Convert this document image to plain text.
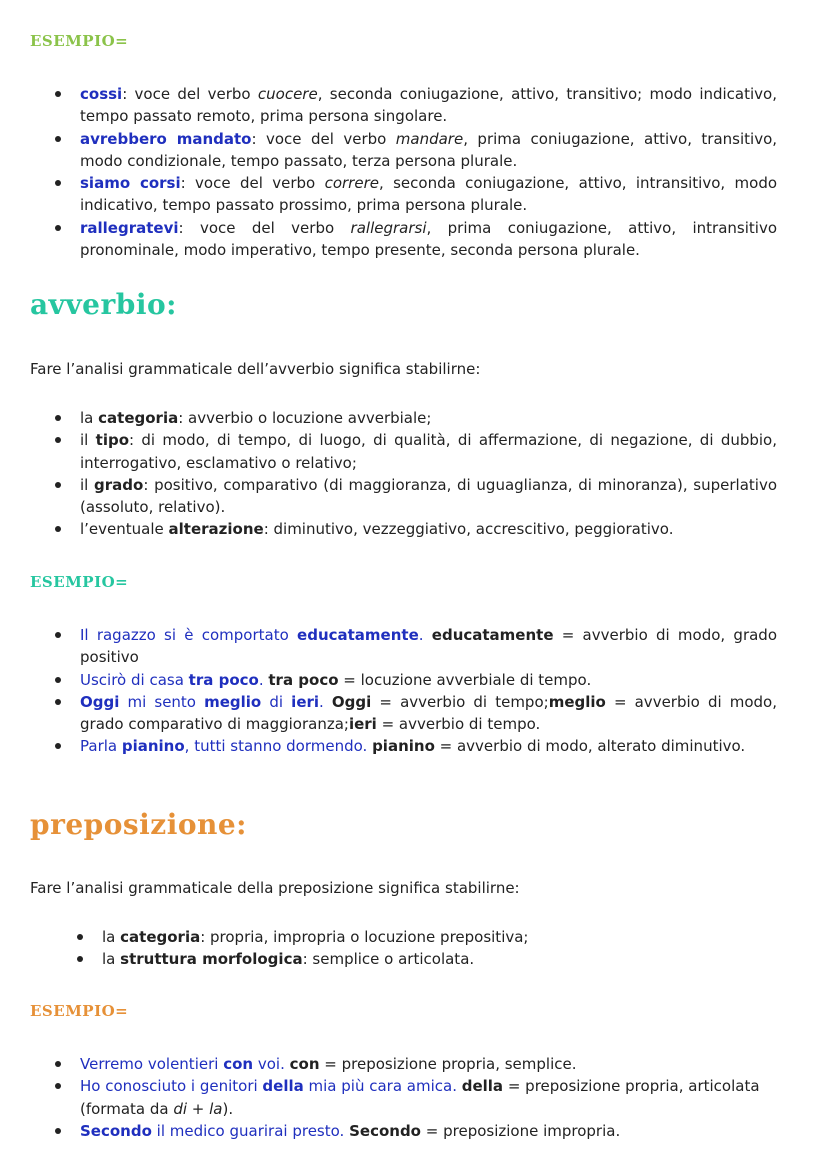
ESEMPIO=
cossi: voce del verbo cuocere, seconda coniugazione, attivo, transitivo; modo indicativo, tempo passato remoto, prima persona singolare.
avrebbero mandato: voce del verbo mandare, prima coniugazione, attivo, transitivo, modo condizionale, tempo passato, terza persona plurale.
siamo corsi: voce del verbo correre, seconda coniugazione, attivo, intransitivo, modo indicativo, tempo passato prossimo, prima persona plurale.
rallegratevi: voce del verbo rallegrarsi, prima coniugazione, attivo, intransitivo pronominale, modo imperativo, tempo presente, seconda persona plurale.
avverbio:
Fare l’analisi grammaticale dell’avverbio significa stabilirne:
la categoria: avverbio o locuzione avverbiale;
il tipo: di modo, di tempo, di luogo, di qualità, di affermazione, di negazione, di dubbio, interrogativo, esclamativo o relativo;
il grado: positivo, comparativo (di maggioranza, di uguaglianza, di minoranza), superlativo (assoluto, relativo).
l’eventuale alterazione: diminutivo, vezzeggiativo, accrescitivo, peggiorativo.
ESEMPIO=
Il ragazzo si è comportato educatamente. educatamente = avverbio di modo, grado positivo
Uscirò di casa tra poco. tra poco = locuzione avverbiale di tempo.
Oggi mi sento meglio di ieri. Oggi = avverbio di tempo;meglio = avverbio di modo, grado comparativo di maggioranza;ieri = avverbio di tempo.
Parla pianino, tutti stanno dormendo. pianino = avverbio di modo, alterato diminutivo.
preposizione:
Fare l’analisi grammaticale della preposizione significa stabilirne:
la categoria: propria, impropria o locuzione prepositiva;
la struttura morfologica: semplice o articolata.
ESEMPIO=
Verremo volentieri con voi. con = preposizione propria, semplice.
Ho conosciuto i genitori della mia più cara amica. della = preposizione propria, articolata (formata da di + la).
Secondo il medico guarirai presto. Secondo = preposizione impropria.
